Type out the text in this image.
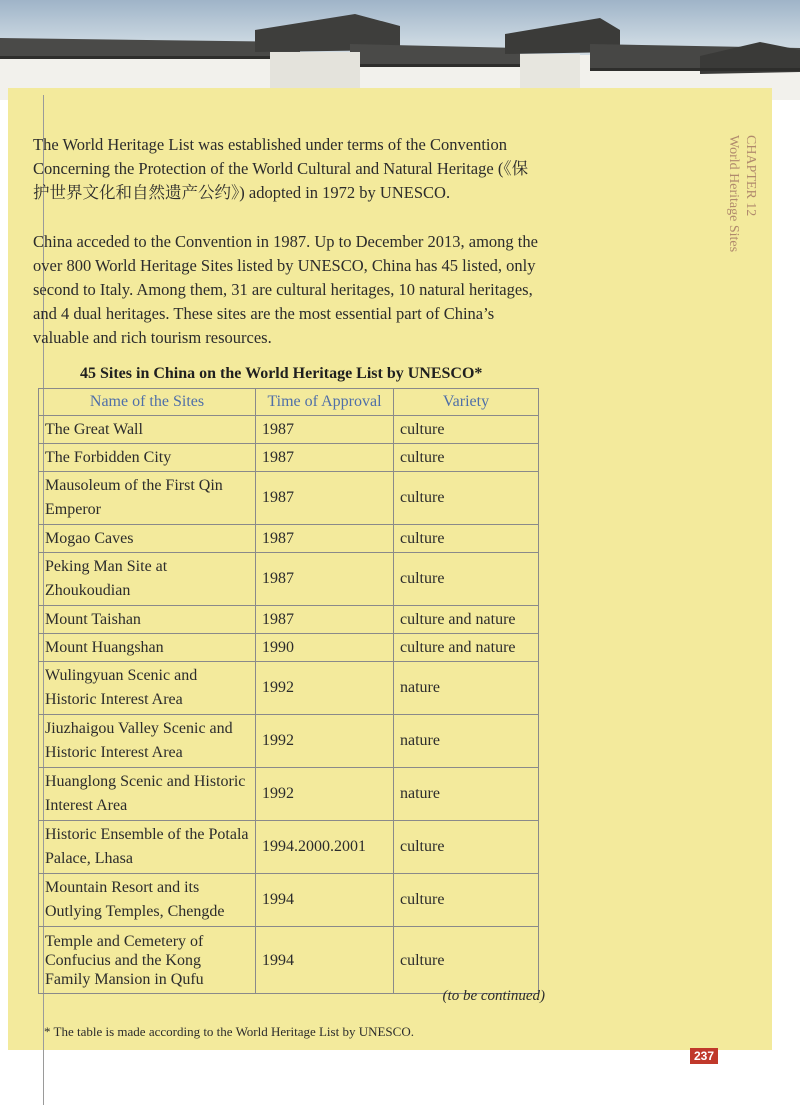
CHAPTER 12
World Heritage Sites

The World Heritage List was established under terms of the Convention Concerning the Protection of the World Cultural and Natural Heritage (《保护世界文化和自然遗产公约》) adopted in 1972 by UNESCO.

China acceded to the Convention in 1987. Up to December 2013, among the over 800 World Heritage Sites listed by UNESCO, China has 45 listed, only second to Italy. Among them, 31 are cultural heritages, 10 natural heritages, and 4 dual heritages. These sites are the most essential part of China’s valuable and rich tourism resources.

45 Sites in China on the World Heritage List by UNESCO*
Name of the Sites	Time of Approval	Variety
The Great Wall	1987	culture
The Forbidden City	1987	culture
Mausoleum of the First Qin Emperor	1987	culture
Mogao Caves	1987	culture
Peking Man Site at Zhoukoudian	1987	culture
Mount Taishan	1987	culture and nature
Mount Huangshan	1990	culture and nature
Wulingyuan Scenic and Historic Interest Area	1992	nature
Jiuzhaigou Valley Scenic and Historic Interest Area	1992	nature
Huanglong Scenic and Historic Interest Area	1992	nature
Historic Ensemble of the Potala Palace, Lhasa	1994.2000.2001	culture
Mountain Resort and its Outlying Temples, Chengde	1994	culture
Temple and Cemetery of Confucius and the Kong Family Mansion in Qufu	1994	culture
(to be continued)
* The table is made according to the World Heritage List by UNESCO.
237
